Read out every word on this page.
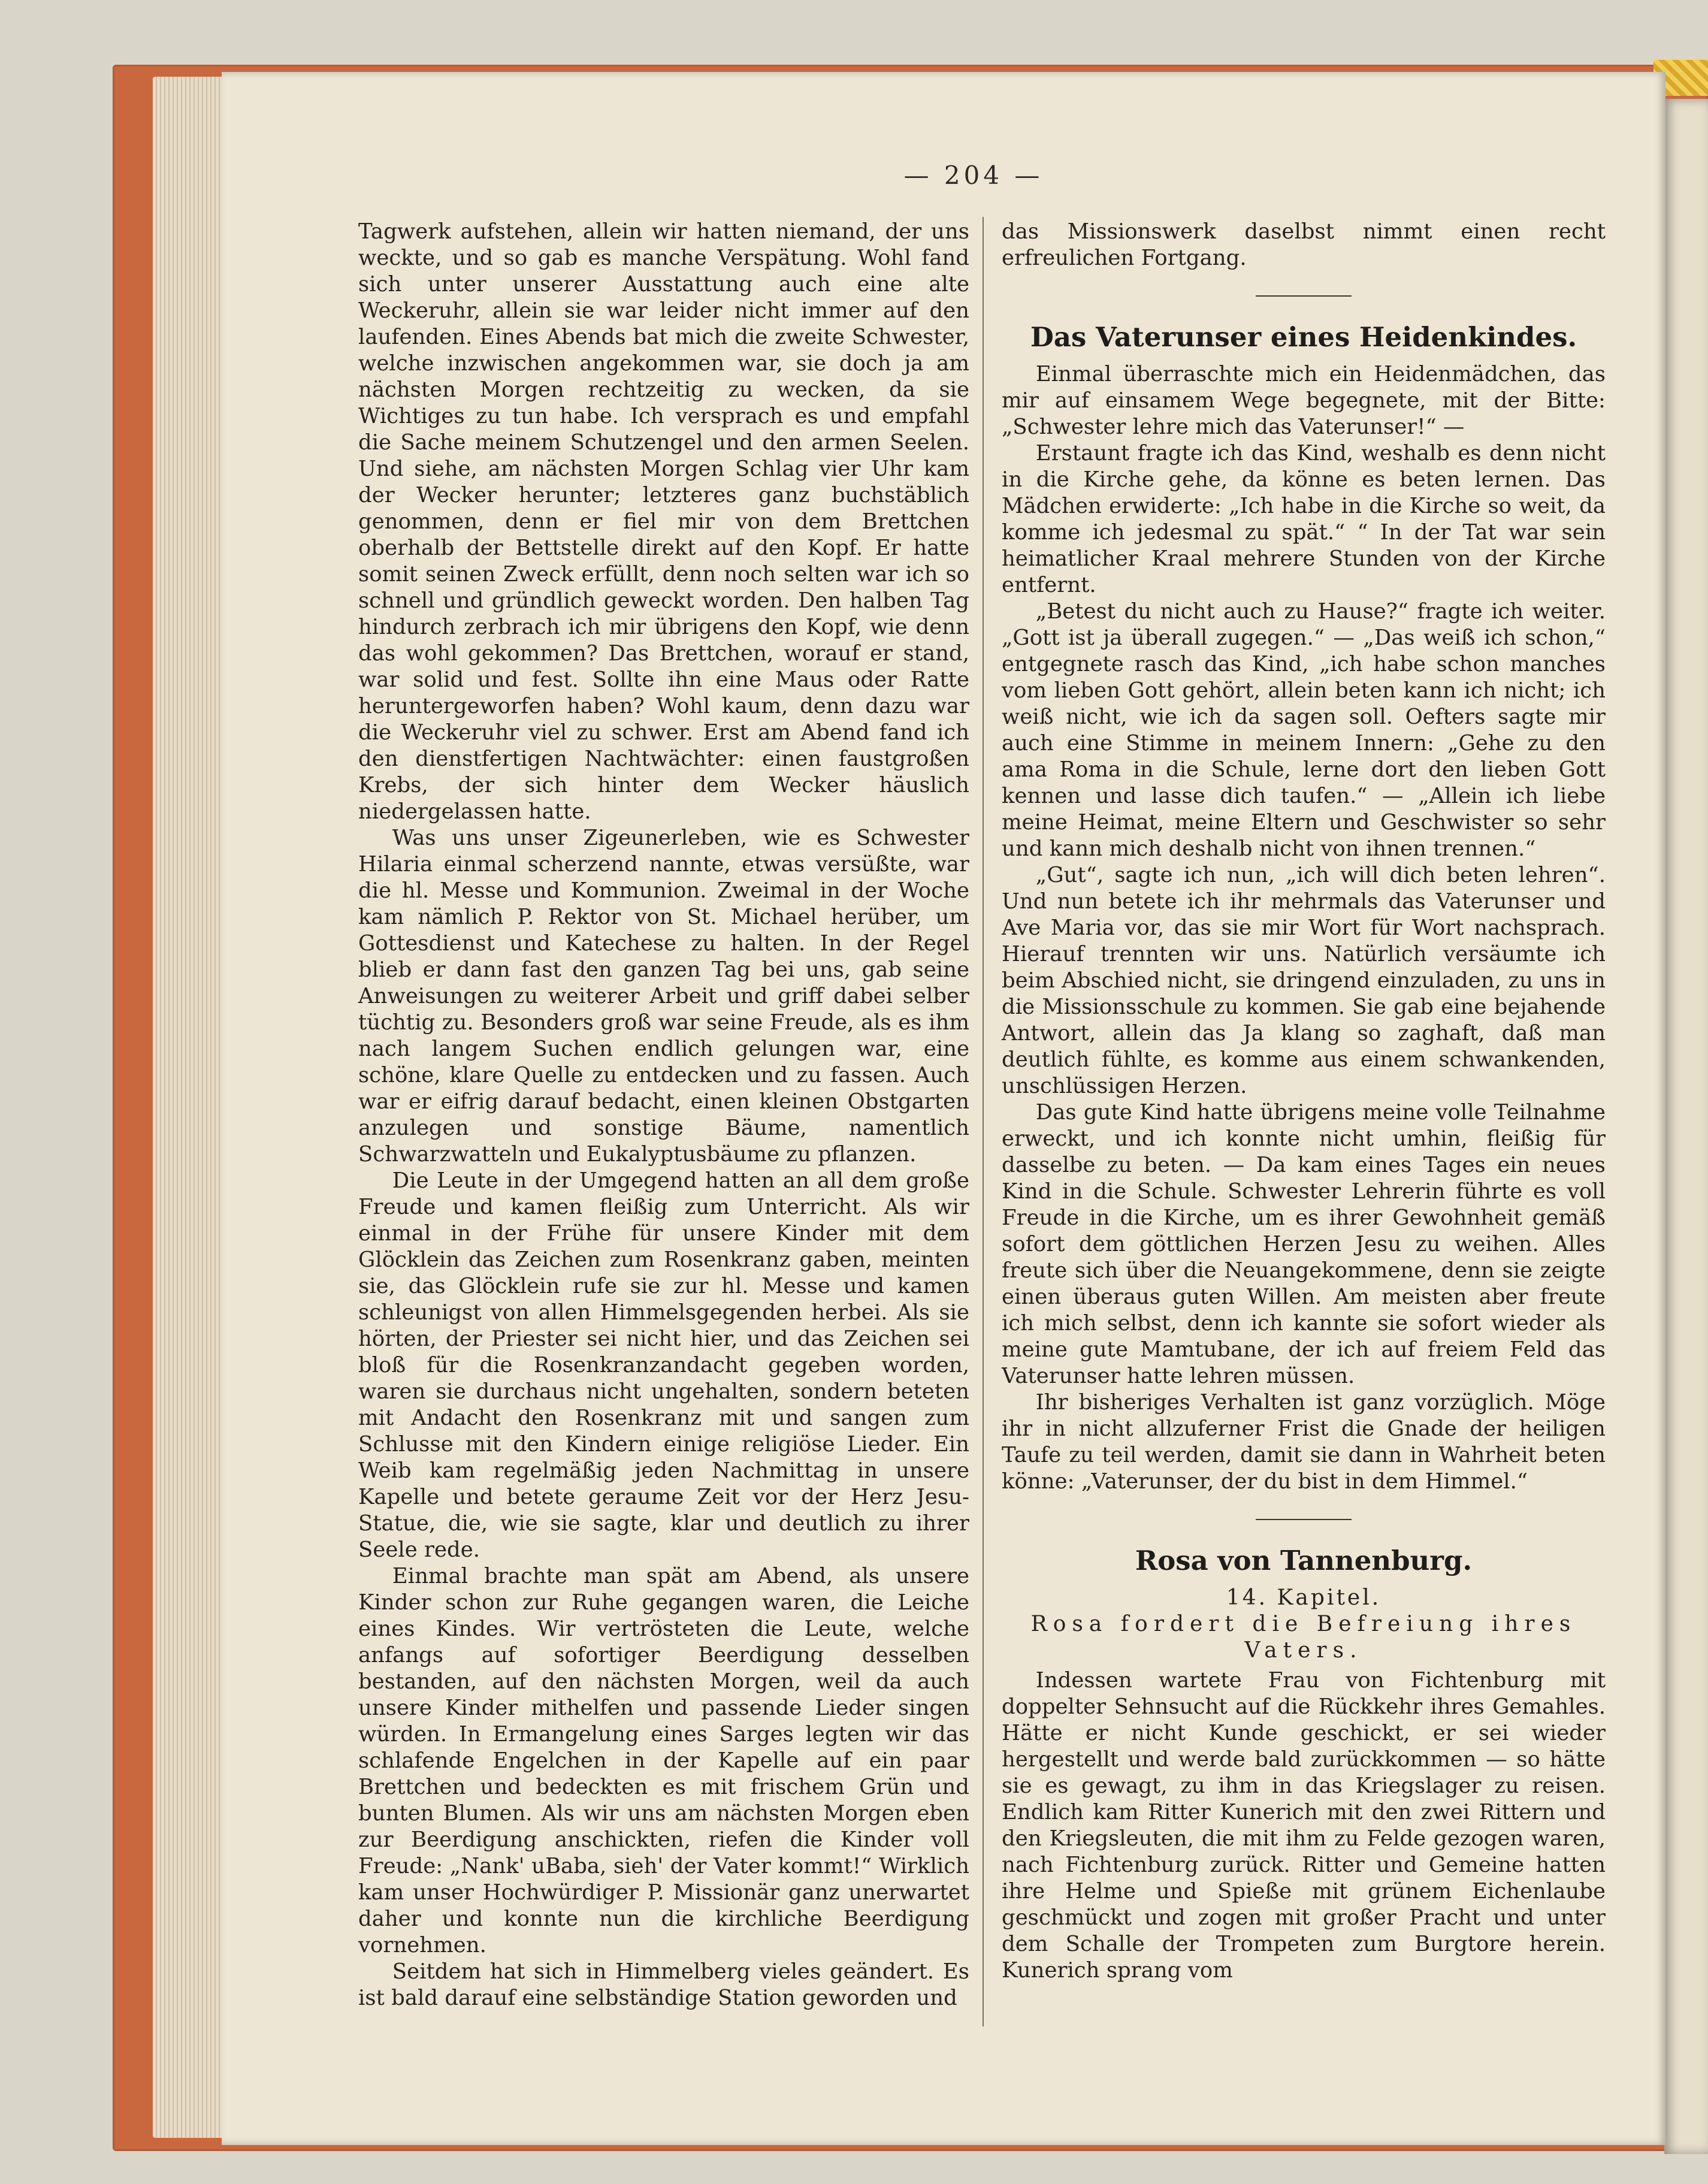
— 204 —

Tagwerk aufstehen, allein wir hatten niemand, der uns weckte, und so gab es manche Verspätung. Wohl fand sich unter unserer Ausstattung auch eine alte Weckeruhr, allein sie war leider nicht immer auf den laufenden. Eines Abends bat mich die zweite Schwester, welche inzwischen angekommen war, sie doch ja am nächsten Morgen rechtzeitig zu wecken, da sie Wichtiges zu tun habe. Ich versprach es und empfahl die Sache meinem Schutzengel und den armen Seelen. Und siehe, am nächsten Morgen Schlag vier Uhr kam der Wecker herunter; letzteres ganz buchstäblich genommen, denn er fiel mir von dem Brettchen oberhalb der Bettstelle direkt auf den Kopf. Er hatte somit seinen Zweck erfüllt, denn noch selten war ich so schnell und gründlich geweckt worden. Den halben Tag hindurch zerbrach ich mir übrigens den Kopf, wie denn das wohl gekommen? Das Brettchen, worauf er stand, war solid und fest. Sollte ihn eine Maus oder Ratte heruntergeworfen haben? Wohl kaum, denn dazu war die Weckeruhr viel zu schwer. Erst am Abend fand ich den dienstfertigen Nachtwächter: einen faustgroßen Krebs, der sich hinter dem Wecker häuslich niedergelassen hatte.

Was uns unser Zigeunerleben, wie es Schwester Hilaria einmal scherzend nannte, etwas versüßte, war die hl. Messe und Kommunion. Zweimal in der Woche kam nämlich P. Rektor von St. Michael herüber, um Gottesdienst und Katechese zu halten. In der Regel blieb er dann fast den ganzen Tag bei uns, gab seine Anweisungen zu weiterer Arbeit und griff dabei selber tüchtig zu. Besonders groß war seine Freude, als es ihm nach langem Suchen endlich gelungen war, eine schöne, klare Quelle zu entdecken und zu fassen. Auch war er eifrig darauf bedacht, einen kleinen Obstgarten anzulegen und sonstige Bäume, namentlich Schwarzwatteln und Eukalyptusbäume zu pflanzen.

Die Leute in der Umgegend hatten an all dem große Freude und kamen fleißig zum Unterricht. Als wir einmal in der Frühe für unsere Kinder mit dem Glöcklein das Zeichen zum Rosenkranz gaben, meinten sie, das Glöcklein rufe sie zur hl. Messe und kamen schleunigst von allen Himmelsgegenden herbei. Als sie hörten, der Priester sei nicht hier, und das Zeichen sei bloß für die Rosenkranzandacht gegeben worden, waren sie durchaus nicht ungehalten, sondern beteten mit Andacht den Rosenkranz mit und sangen zum Schlusse mit den Kindern einige religiöse Lieder. Ein Weib kam regelmäßig jeden Nachmittag in unsere Kapelle und betete geraume Zeit vor der Herz Jesu-Statue, die, wie sie sagte, klar und deutlich zu ihrer Seele rede.

Einmal brachte man spät am Abend, als unsere Kinder schon zur Ruhe gegangen waren, die Leiche eines Kindes. Wir vertrösteten die Leute, welche anfangs auf sofortiger Beerdigung desselben bestanden, auf den nächsten Morgen, weil da auch unsere Kinder mithelfen und passende Lieder singen würden. In Ermangelung eines Sarges legten wir das schlafende Engelchen in der Kapelle auf ein paar Brettchen und bedeckten es mit frischem Grün und bunten Blumen. Als wir uns am nächsten Morgen eben zur Beerdigung anschickten, riefen die Kinder voll Freude: „Nank' uBaba, sieh' der Vater kommt!“ Wirklich kam unser Hochwürdiger P. Missionär ganz unerwartet daher und konnte nun die kirchliche Beerdigung vornehmen.

Seitdem hat sich in Himmelberg vieles geändert. Es ist bald darauf eine selbständige Station geworden und

das Missionswerk daselbst nimmt einen recht erfreulichen Fortgang.

Das Vaterunser eines Heidenkindes.

Einmal überraschte mich ein Heidenmädchen, das mir auf einsamem Wege begegnete, mit der Bitte: „Schwester lehre mich das Vaterunser!“ —

Erstaunt fragte ich das Kind, weshalb es denn nicht in die Kirche gehe, da könne es beten lernen. Das Mädchen erwiderte: „Ich habe in die Kirche so weit, da komme ich jedesmal zu spät.“ “ In der Tat war sein heimatlicher Kraal mehrere Stunden von der Kirche entfernt.

„Betest du nicht auch zu Hause?“ fragte ich weiter. „Gott ist ja überall zugegen.“ — „Das weiß ich schon,“ entgegnete rasch das Kind, „ich habe schon manches vom lieben Gott gehört, allein beten kann ich nicht; ich weiß nicht, wie ich da sagen soll. Oefters sagte mir auch eine Stimme in meinem Innern: „Gehe zu den ama Roma in die Schule, lerne dort den lieben Gott kennen und lasse dich taufen.“ — „Allein ich liebe meine Heimat, meine Eltern und Geschwister so sehr und kann mich deshalb nicht von ihnen trennen.“

„Gut“, sagte ich nun, „ich will dich beten lehren“. Und nun betete ich ihr mehrmals das Vaterunser und Ave Maria vor, das sie mir Wort für Wort nachsprach. Hierauf trennten wir uns. Natürlich versäumte ich beim Abschied nicht, sie dringend einzuladen, zu uns in die Missionsschule zu kommen. Sie gab eine bejahende Antwort, allein das Ja klang so zaghaft, daß man deutlich fühlte, es komme aus einem schwankenden, unschlüssigen Herzen.

Das gute Kind hatte übrigens meine volle Teilnahme erweckt, und ich konnte nicht umhin, fleißig für dasselbe zu beten. — Da kam eines Tages ein neues Kind in die Schule. Schwester Lehrerin führte es voll Freude in die Kirche, um es ihrer Gewohnheit gemäß sofort dem göttlichen Herzen Jesu zu weihen. Alles freute sich über die Neuangekommene, denn sie zeigte einen überaus guten Willen. Am meisten aber freute ich mich selbst, denn ich kannte sie sofort wieder als meine gute Mamtubane, der ich auf freiem Feld das Vaterunser hatte lehren müssen.

Ihr bisheriges Verhalten ist ganz vorzüglich. Möge ihr in nicht allzuferner Frist die Gnade der heiligen Taufe zu teil werden, damit sie dann in Wahrheit beten könne: „Vaterunser, der du bist in dem Himmel.“

Rosa von Tannenburg.

14. Kapitel.

Rosa fordert die Befreiung ihres Vaters.

Indessen wartete Frau von Fichtenburg mit doppelter Sehnsucht auf die Rückkehr ihres Gemahles. Hätte er nicht Kunde geschickt, er sei wieder hergestellt und werde bald zurückkommen — so hätte sie es gewagt, zu ihm in das Kriegslager zu reisen. Endlich kam Ritter Kunerich mit den zwei Rittern und den Kriegsleuten, die mit ihm zu Felde gezogen waren, nach Fichtenburg zurück. Ritter und Gemeine hatten ihre Helme und Spieße mit grünem Eichenlaube geschmückt und zogen mit großer Pracht und unter dem Schalle der Trompeten zum Burgtore herein. Kunerich sprang vom
